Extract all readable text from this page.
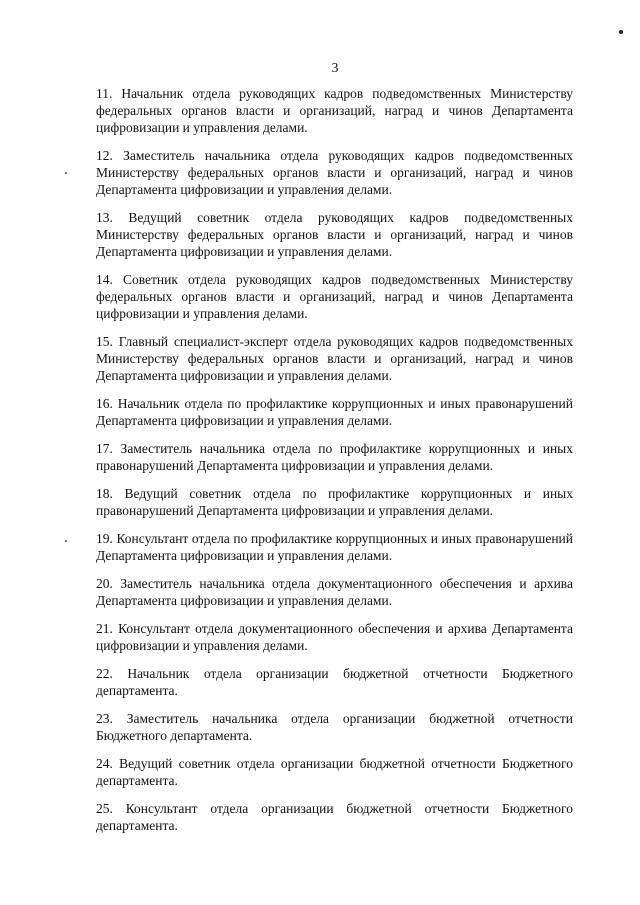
3

11. Начальник отдела руководящих кадров подведомственных Министерству федеральных органов власти и организаций, наград и чинов Департамента цифровизации и управления делами.

12. Заместитель начальника отдела руководящих кадров подведомственных Министерству федеральных органов власти и организаций, наград и чинов Департамента цифровизации и управления делами.

13. Ведущий советник отдела руководящих кадров подведомственных Министерству федеральных органов власти и организаций, наград и чинов Департамента цифровизации и управления делами.

14. Советник отдела руководящих кадров подведомственных Министерству федеральных органов власти и организаций, наград и чинов Департамента цифровизации и управления делами.

15. Главный специалист-эксперт отдела руководящих кадров подведомственных Министерству федеральных органов власти и организаций, наград и чинов Департамента цифровизации и управления делами.

16. Начальник отдела по профилактике коррупционных и иных правонарушений Департамента цифровизации и управления делами.

17. Заместитель начальника отдела по профилактике коррупционных и иных правонарушений Департамента цифровизации и управления делами.

18. Ведущий советник отдела по профилактике коррупционных и иных правонарушений Департамента цифровизации и управления делами.

19. Консультант отдела по профилактике коррупционных и иных правонарушений Департамента цифровизации и управления делами.

20. Заместитель начальника отдела документационного обеспечения и архива Департамента цифровизации и управления делами.

21. Консультант отдела документационного обеспечения и архива Департамента цифровизации и управления делами.

22. Начальник отдела организации бюджетной отчетности Бюджетного департамента.

23. Заместитель начальника отдела организации бюджетной отчетности Бюджетного департамента.

24. Ведущий советник отдела организации бюджетной отчетности Бюджетного департамента.

25. Консультант отдела организации бюджетной отчетности Бюджетного департамента.
